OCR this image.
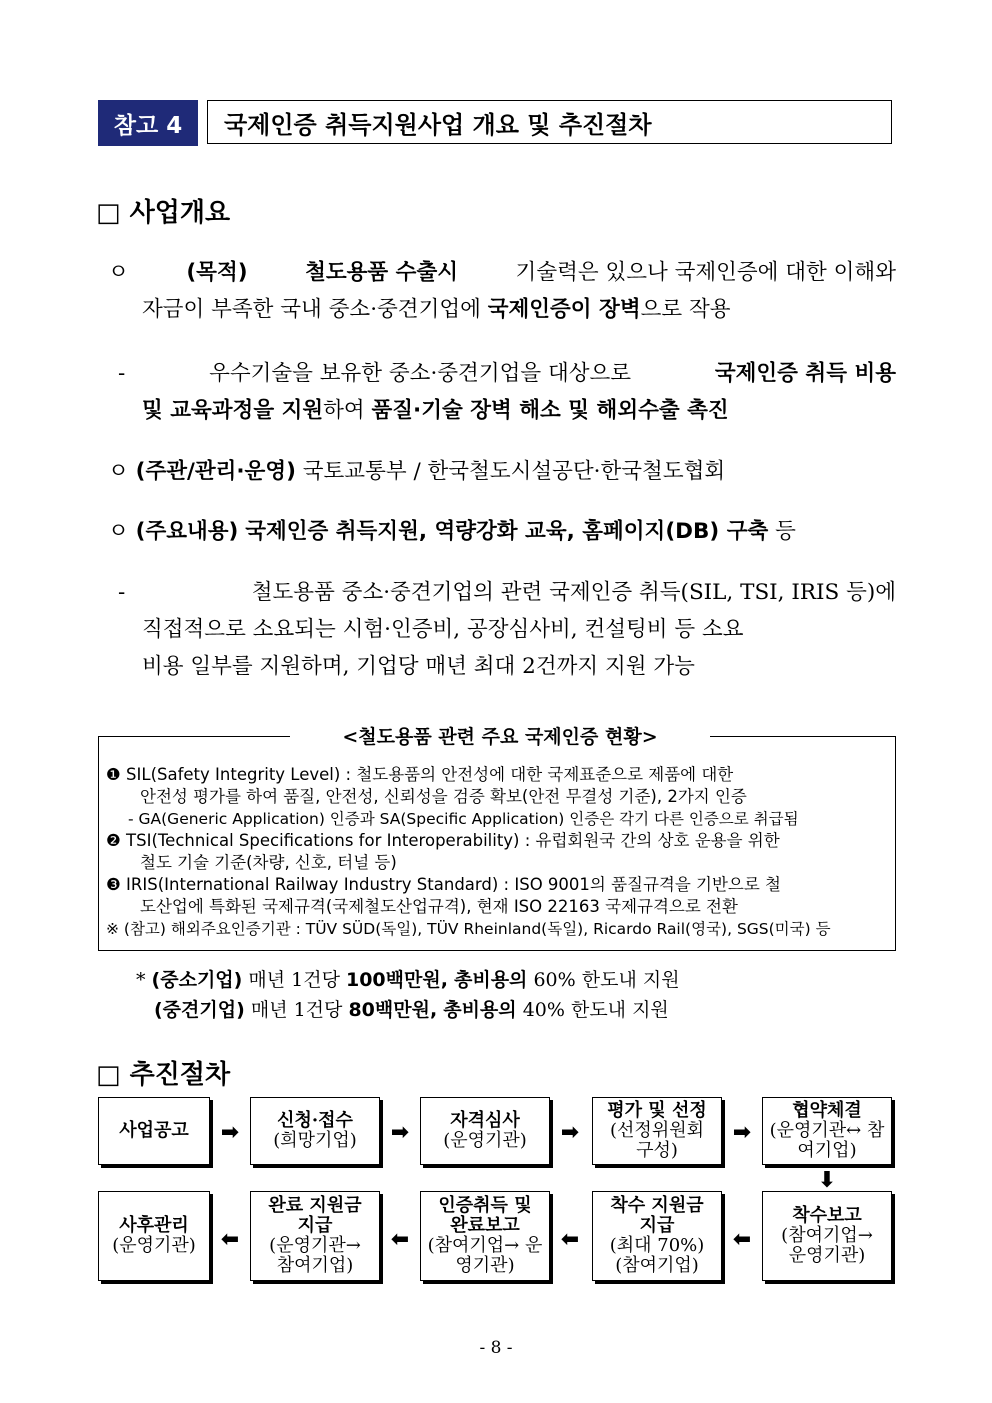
참고 4	국제인증 취득지원사업 개요 및 추진절차
□ 사업개요
ㅇ	(목적)	철도용품 수출시	기술력은 있으나 국제인증에 대한 이해와
자금이 부족한 국내 중소·중견기업에 국제인증이 장벽으로 작용
-	우수기술을 보유한 중소·중견기업을 대상으로	국제인증 취득 비용
및 교육과정을 지원하여 품질·기술 장벽 해소 및 해외수출 촉진
ㅇ (주관/관리·운영) 국토교통부 / 한국철도시설공단·한국철도협회
ㅇ (주요내용) 국제인증 취득지원, 역량강화 교육, 홈페이지(DB) 구축 등
-	철도용품 중소·중견기업의 관련 국제인증 취득(SIL, TSI, IRIS 등)에
직접적으로 소요되는 시험·인증비, 공장심사비, 컨설팅비 등 소요
비용 일부를 지원하며, 기업당 매년 최대 2건까지 지원 가능
<철도용품 관련 주요 국제인증 현황>
❶ SIL(Safety Integrity Level) : 철도용품의 안전성에 대한 국제표준으로 제품에 대한
안전성 평가를 하여 품질, 안전성, 신뢰성을 검증 확보(안전 무결성 기준), 2가지 인증
- GA(Generic Application) 인증과 SA(Specific Application) 인증은 각기 다른 인증으로 취급됨
❷ TSI(Technical Specifications for Interoperability) : 유럽회원국 간의 상호 운용을 위한
철도 기술 기준(차량, 신호, 터널 등)
❸ IRIS(International Railway Industry Standard) : ISO 9001의 품질규격을 기반으로 철
도산업에 특화된 국제규격(국제철도산업규격), 현재 ISO 22163 국제규격으로 전환
※ (참고) 해외주요인증기관 : TÜV SÜD(독일), TÜV Rheinland(독일), Ricardo Rail(영국), SGS(미국) 등
* (중소기업) 매년 1건당 100백만원, 총비용의 60% 한도내 지원
(중견기업) 매년 1건당 80백만원, 총비용의 40% 한도내 지원
□ 추진절차
사업공고 ➡ 신청·접수
(희망기업) ➡ 자격심사
(운영기관) ➡
평가 및 선정
(선정위원회 구성)
➡
협약체결
(운영기관↔ 참여기업)
⬇
사후관리
(운영기관) ⬅
완료 지원금 지급
(운영기관→ 참여기업)
⬅
인증취득 및 완료보고
(참여기업→ 운영기관)
⬅
착수 지원금 지급
(최대 70%) (참여기업)
⬅
착수보고
(참여기업→ 운영기관)
- 8 -
